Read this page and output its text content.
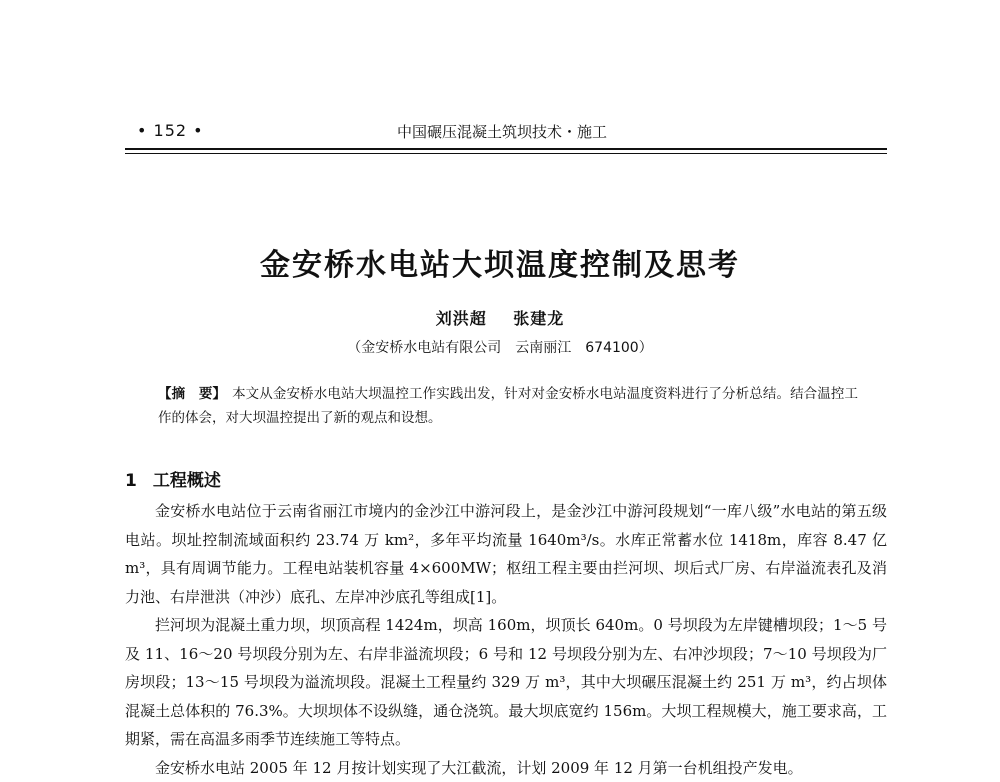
• 152 •	中国碾压混凝土筑坝技术・施工
金安桥水电站大坝温度控制及思考
刘洪超 张建龙
（金安桥水电站有限公司　云南丽江　674100）
【摘　要】 本文从金安桥水电站大坝温控工作实践出发，针对对金安桥水电站温度资料进行了分析总结。结合温控工作的体会，对大坝温控提出了新的观点和设想。
1 工程概述

金安桥水电站位于云南省丽江市境内的金沙江中游河段上，是金沙江中游河段规划“一库八级”水电站的第五级电站。坝址控制流域面积约 23.74 万 km²，多年平均流量 1640m³/s。水库正常蓄水位 1418m，库容 8.47 亿 m³，具有周调节能力。工程电站装机容量 4×600MW；枢纽工程主要由拦河坝、坝后式厂房、右岸溢流表孔及消力池、右岸泄洪（冲沙）底孔、左岸冲沙底孔等组成[1]。

拦河坝为混凝土重力坝，坝顶高程 1424m，坝高 160m，坝顶长 640m。0 号坝段为左岸键槽坝段；1～5 号及 11、16～20 号坝段分别为左、右岸非溢流坝段；6 号和 12 号坝段分别为左、右冲沙坝段；7～10 号坝段为厂房坝段；13～15 号坝段为溢流坝段。混凝土工程量约 329 万 m³，其中大坝碾压混凝土约 251 万 m³，约占坝体混凝土总体积的 76.3%。大坝坝体不设纵缝，通仓浇筑。最大坝底宽约 156m。大坝工程规模大，施工要求高，工期紧，需在高温多雨季节连续施工等特点。

金安桥水电站 2005 年 12 月按计划实现了大江截流，计划 2009 年 12 月第一台机组投产发电。
